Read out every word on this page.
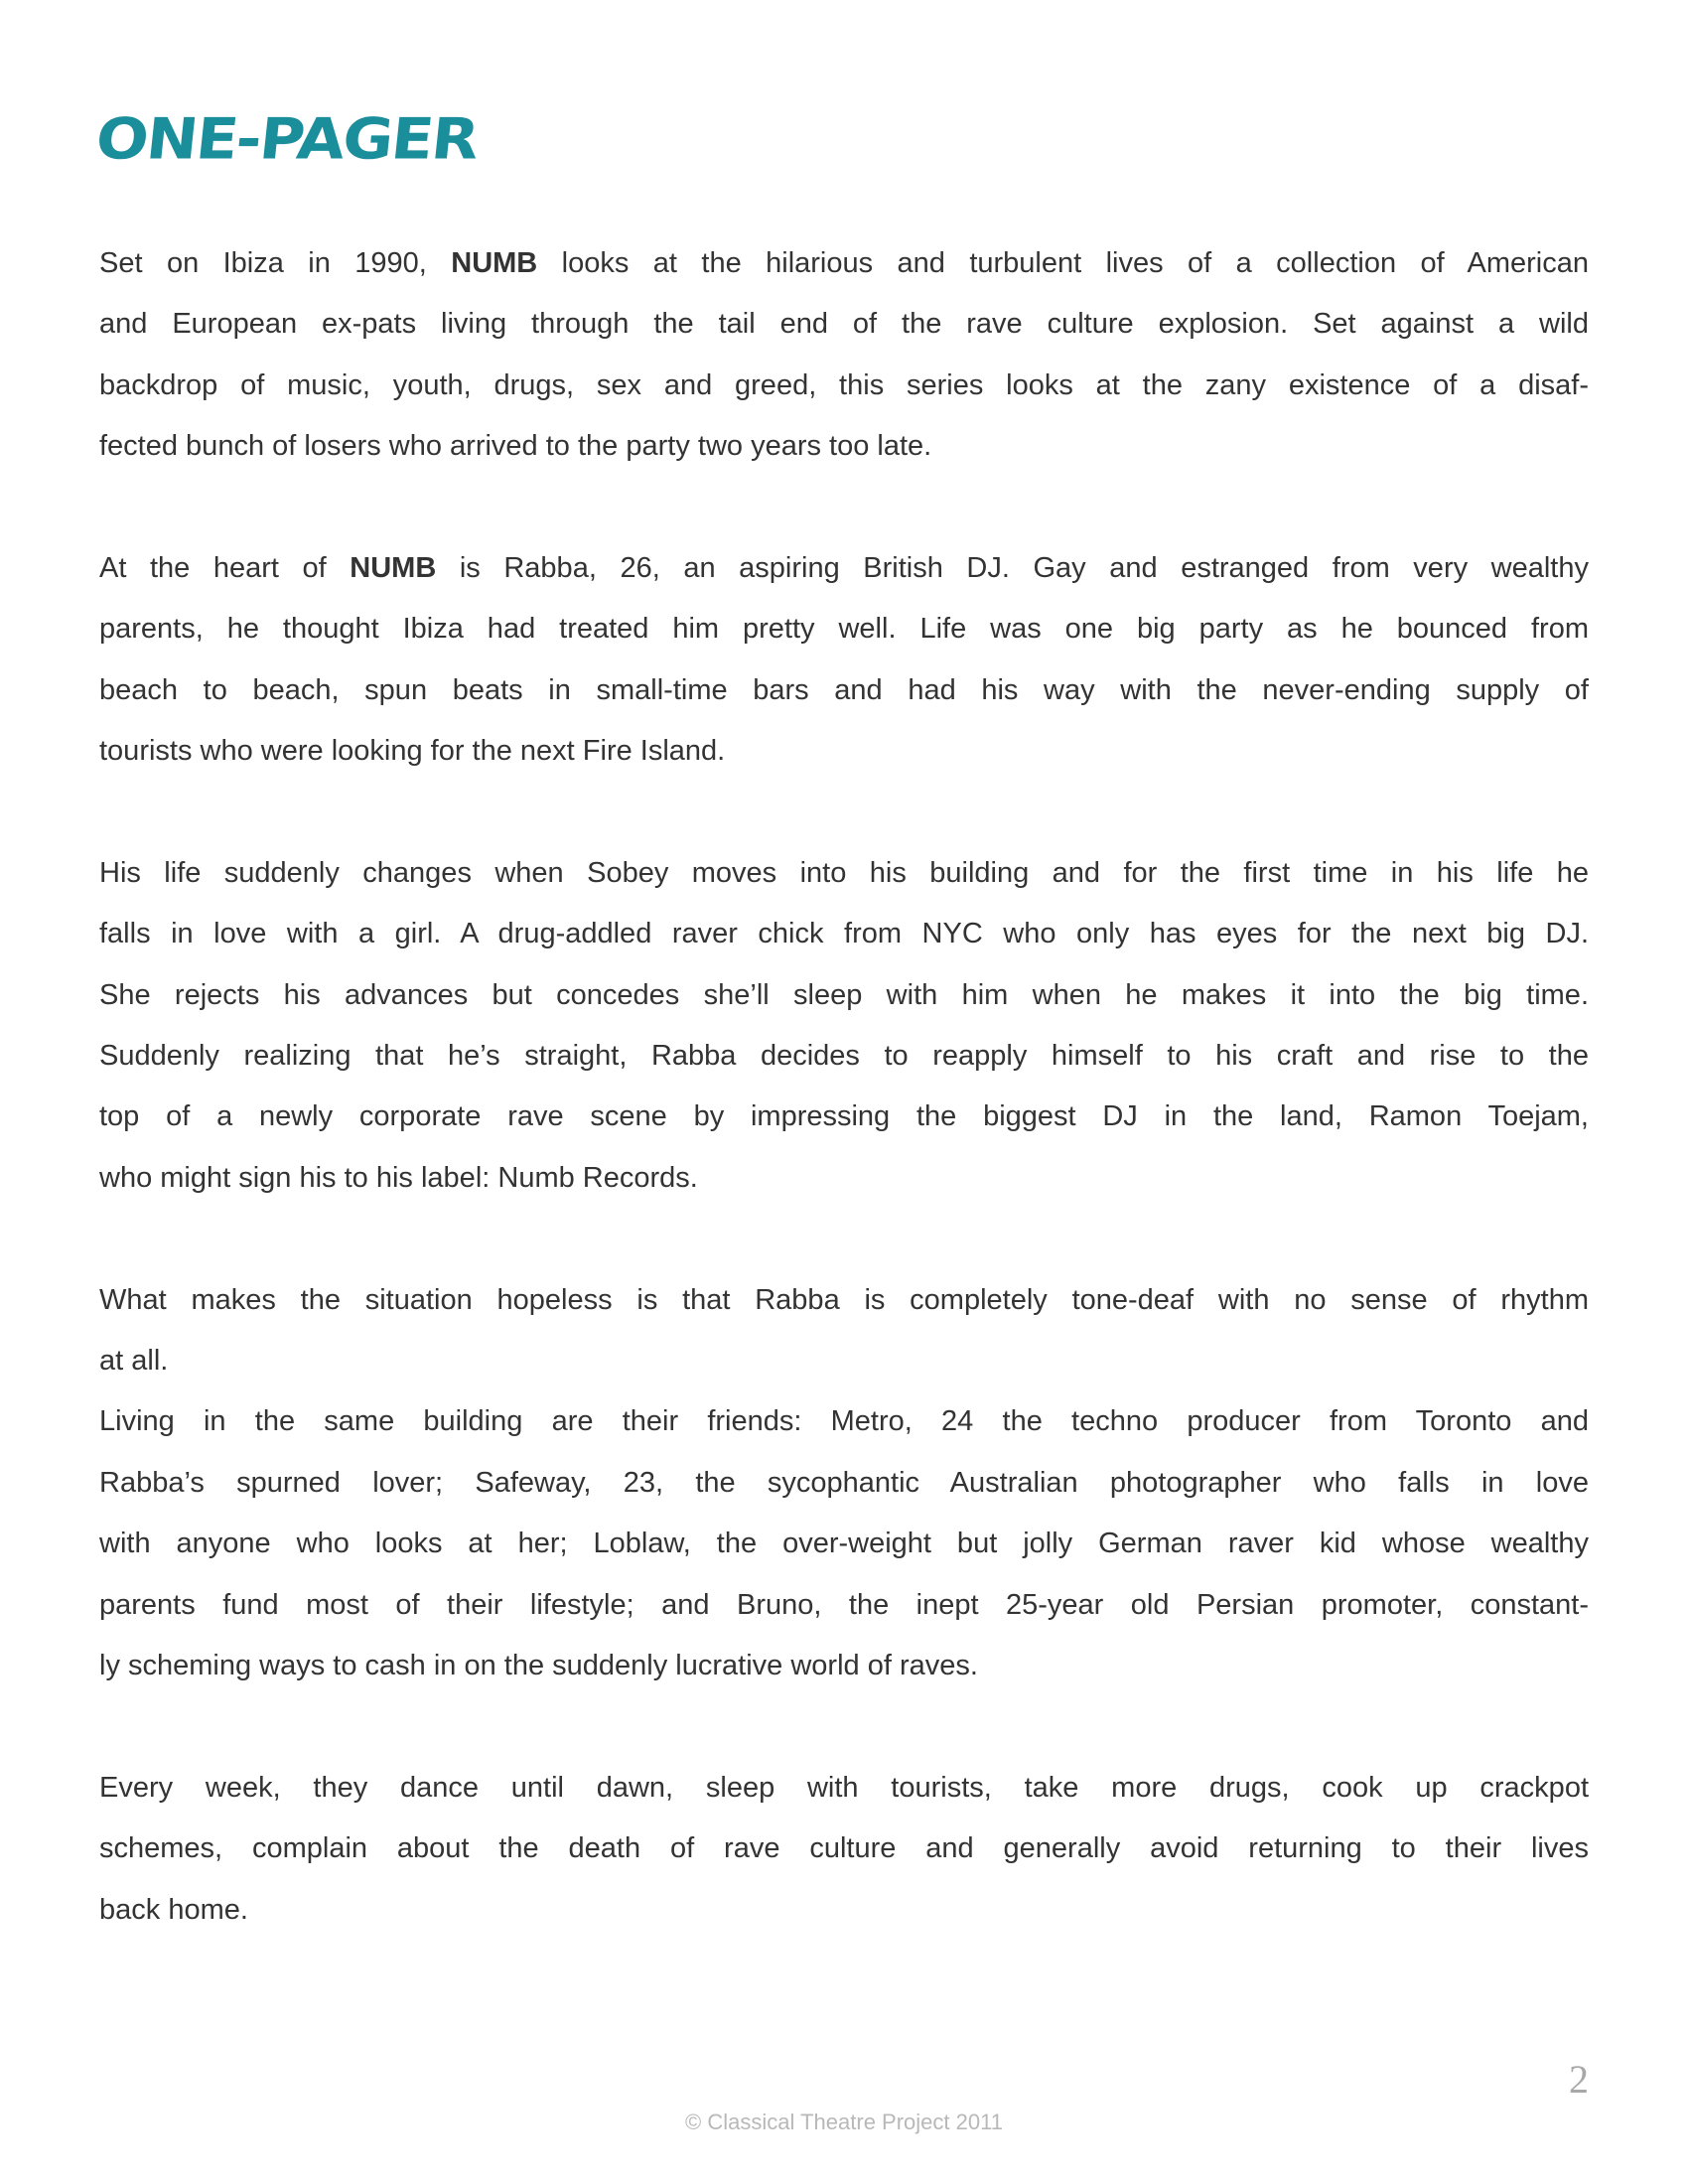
ONE-PAGER
Set on Ibiza in 1990, NUMB looks at the hilarious and turbulent lives of a collection of American
and European ex-pats living through the tail end of the rave culture explosion. Set against a wild
backdrop of music, youth, drugs, sex and greed, this series looks at the zany existence of a disaf-
fected bunch of losers who arrived to the party two years too late.
At the heart of NUMB is Rabba, 26, an aspiring British DJ. Gay and estranged from very wealthy
parents, he thought Ibiza had treated him pretty well. Life was one big party as he bounced from
beach to beach, spun beats in small-time bars and had his way with the never-ending supply of
tourists who were looking for the next Fire Island.
His life suddenly changes when Sobey moves into his building and for the first time in his life he
falls in love with a girl. A drug-addled raver chick from NYC who only has eyes for the next big DJ.
She rejects his advances but concedes she’ll sleep with him when he makes it into the big time.
Suddenly realizing that he’s straight, Rabba decides to reapply himself to his craft and rise to the
top of a newly corporate rave scene by impressing the biggest DJ in the land, Ramon Toejam,
who might sign his to his label: Numb Records.
What makes the situation hopeless is that Rabba is completely tone-deaf with no sense of rhythm
at all.
Living in the same building are their friends: Metro, 24 the techno producer from Toronto and
Rabba’s spurned lover; Safeway, 23, the sycophantic Australian photographer who falls in love
with anyone who looks at her; Loblaw, the over-weight but jolly German raver kid whose wealthy
parents fund most of their lifestyle; and Bruno, the inept 25-year old Persian promoter, constant-
ly scheming ways to cash in on the suddenly lucrative world of raves.
Every week, they dance until dawn, sleep with tourists, take more drugs, cook up crackpot
schemes, complain about the death of rave culture and generally avoid returning to their lives
back home.
2
© Classical Theatre Project 2011
